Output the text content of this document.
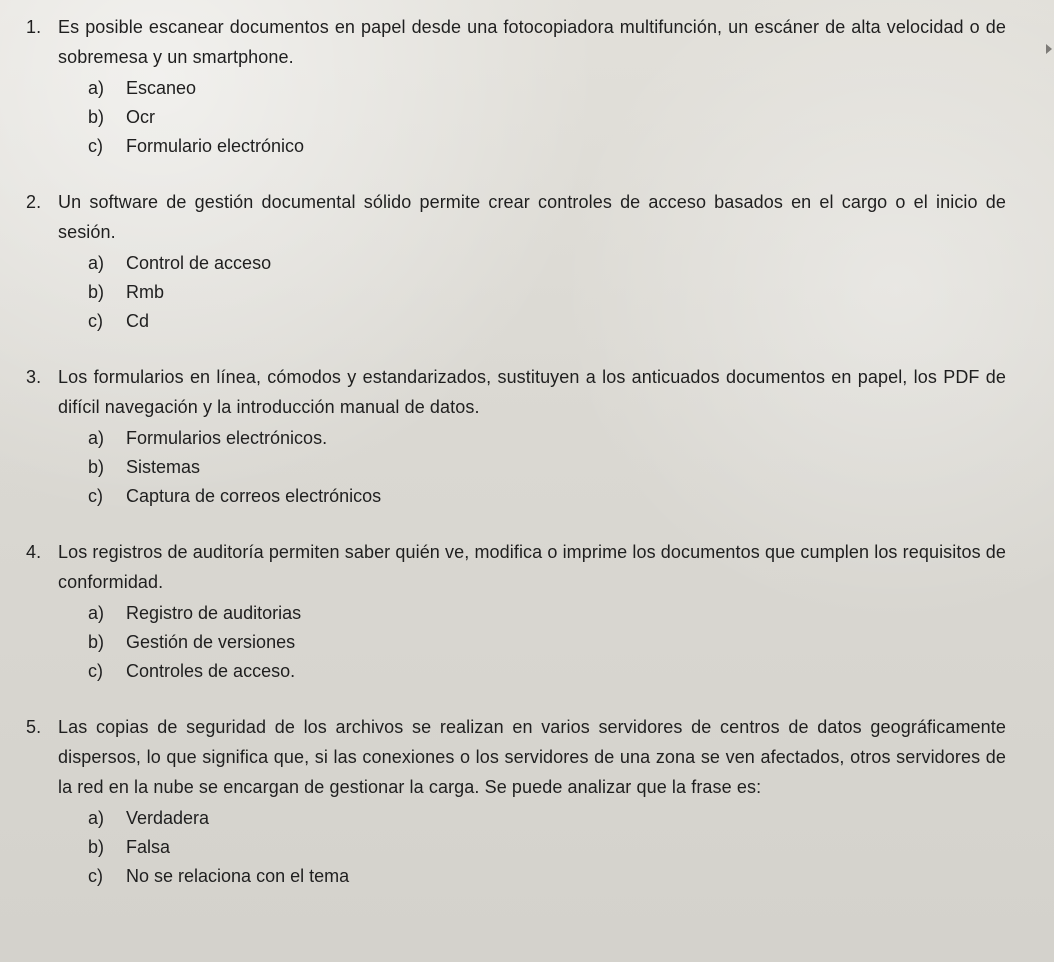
1. Es posible escanear documentos en papel desde una fotocopiadora multifunción, un escáner de alta velocidad o de sobremesa y un smartphone.
a)	Escaneo
b)	Ocr
c)	Formulario electrónico
2. Un software de gestión documental sólido permite crear controles de acceso basados en el cargo o el inicio de sesión.
a)	Control de acceso
b)	Rmb
c)	Cd
3. Los formularios en línea, cómodos y estandarizados, sustituyen a los anticuados documentos en papel, los PDF de difícil navegación y la introducción manual de datos.
a)	Formularios electrónicos.
b)	Sistemas
c)	Captura de correos electrónicos
4. Los registros de auditoría permiten saber quién ve, modifica o imprime los documentos que cumplen los requisitos de conformidad.
a)	Registro de auditorias
b)	Gestión de versiones
c)	Controles de acceso.
5. Las copias de seguridad de los archivos se realizan en varios servidores de centros de datos geográficamente dispersos, lo que significa que, si las conexiones o los servidores de una zona se ven afectados, otros servidores de la red en la nube se encargan de gestionar la carga. Se puede analizar que la frase es:
a)	Verdadera
b)	Falsa
c)	No se relaciona con el tema
